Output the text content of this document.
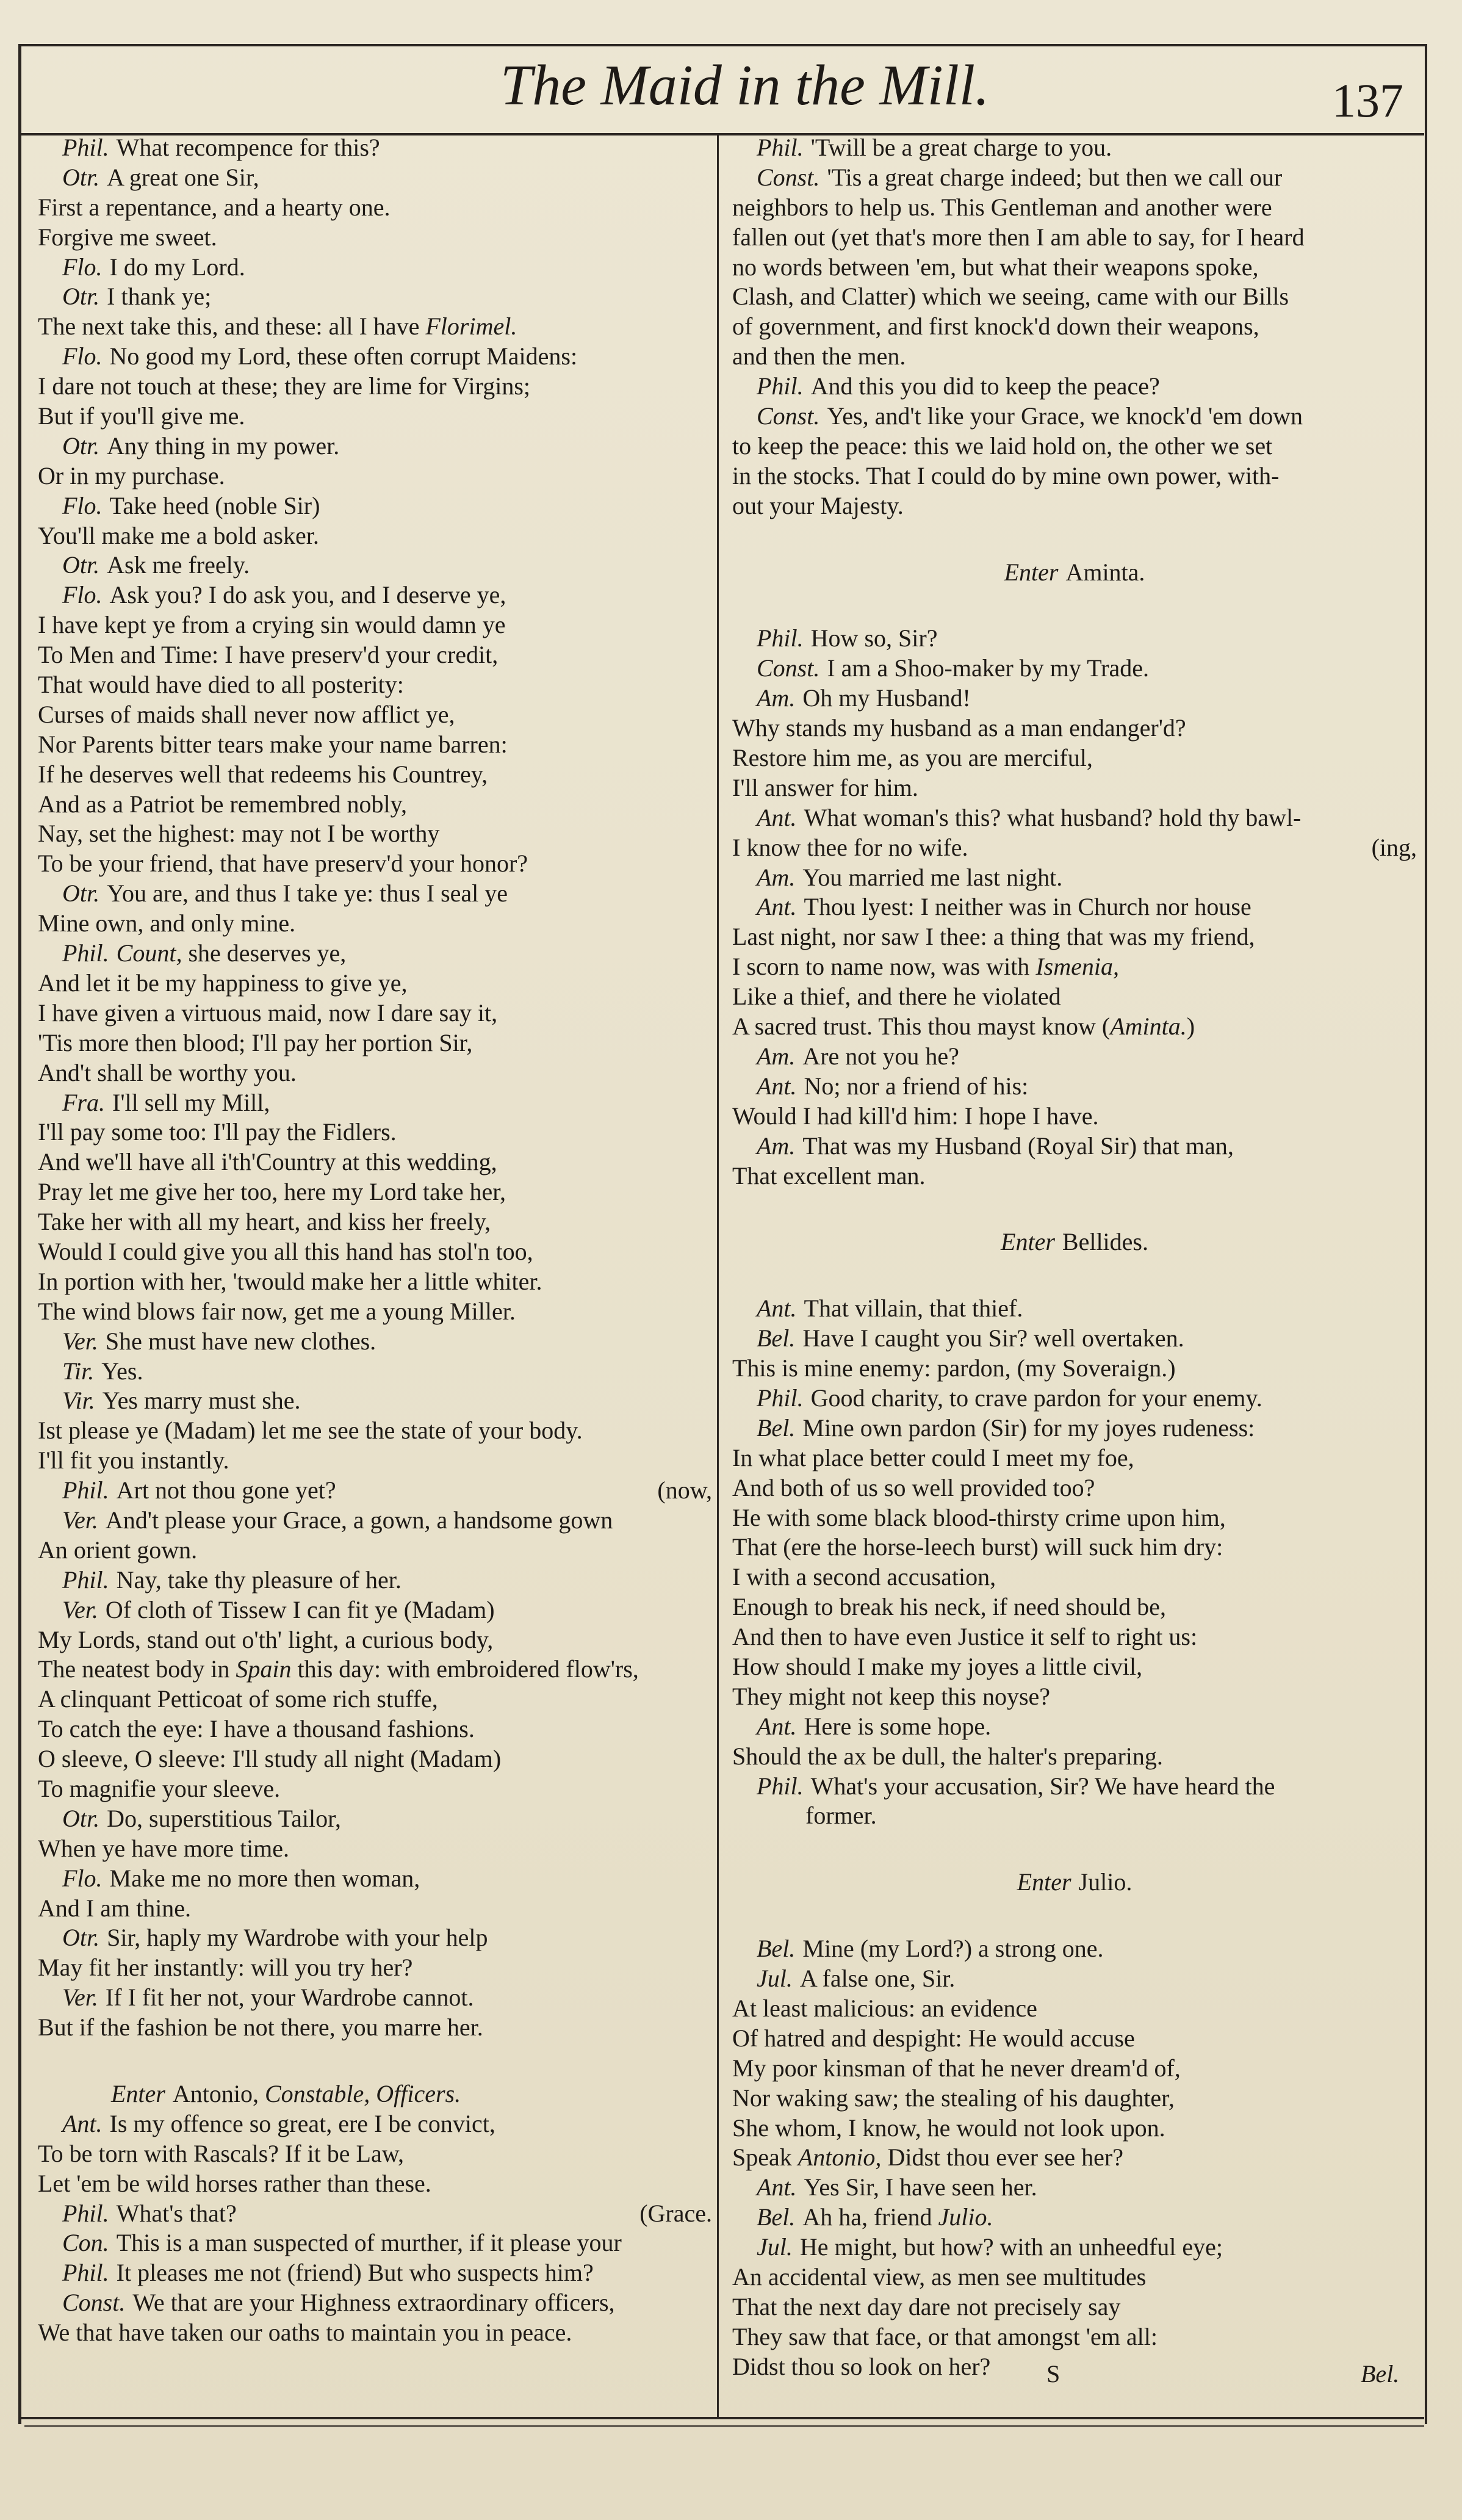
The Maid in the Mill.	137
Phil. What recompence for this?
Otr. A great one Sir,
First a repentance, and a hearty one.
Forgive me sweet.
Flo. I do my Lord.
Otr. I thank ye;
The next take this, and these: all I have Florimel.
Flo. No good my Lord, these often corrupt Maidens:
I dare not touch at these; they are lime for Virgins;
But if you'll give me.
Otr. Any thing in my power.
Or in my purchase.
Flo. Take heed (noble Sir)
You'll make me a bold asker.
Otr. Ask me freely.
Flo. Ask you? I do ask you, and I deserve ye,
I have kept ye from a crying sin would damn ye
To Men and Time: I have preserv'd your credit,
That would have died to all posterity:
Curses of maids shall never now afflict ye,
Nor Parents bitter tears make your name barren:
If he deserves well that redeems his Countrey,
And as a Patriot be remembred nobly,
Nay, set the highest: may not I be worthy
To be your friend, that have preserv'd your honor?
Otr. You are, and thus I take ye: thus I seal ye
Mine own, and only mine.
Phil. Count, she deserves ye,
And let it be my happiness to give ye,
I have given a virtuous maid, now I dare say it,
'Tis more then blood; I'll pay her portion Sir,
And't shall be worthy you.
Fra. I'll sell my Mill,
I'll pay some too: I'll pay the Fidlers.
And we'll have all i'th'Country at this wedding,
Pray let me give her too, here my Lord take her,
Take her with all my heart, and kiss her freely,
Would I could give you all this hand has stol'n too,
In portion with her, 'twould make her a little whiter.
The wind blows fair now, get me a young Miller.
Ver. She must have new clothes.
Tir. Yes.
Vir. Yes marry must she.
Ist please ye (Madam) let me see the state of your body.
I'll fit you instantly.
Phil. Art not thou gone yet?	(now,
Ver. And't please your Grace, a gown, a handsome gown
An orient gown.
Phil. Nay, take thy pleasure of her.
Ver. Of cloth of Tissew I can fit ye (Madam)
My Lords, stand out o'th' light, a curious body,
The neatest body in Spain this day: with embroidered flow'rs,
A clinquant Petticoat of some rich stuffe,
To catch the eye: I have a thousand fashions.
O sleeve, O sleeve: I'll study all night (Madam)
To magnifie your sleeve.
Otr. Do, superstitious Tailor,
When ye have more time.
Flo. Make me no more then woman,
And I am thine.
Otr. Sir, haply my Wardrobe with your help
May fit her instantly: will you try her?
Ver. If I fit her not, your Wardrobe cannot.
But if the fashion be not there, you marre her.
Enter Antonio, Constable, Officers.
Ant. Is my offence so great, ere I be convict,
To be torn with Rascals? If it be Law,
Let 'em be wild horses rather than these.
Phil. What's that?	(Grace.
Con. This is a man suspected of murther, if it please your
Phil. It pleases me not (friend) But who suspects him?
Const. We that are your Highness extraordinary officers,
We that have taken our oaths to maintain you in peace.
Phil. 'Twill be a great charge to you.
Const. 'Tis a great charge indeed; but then we call our
neighbors to help us. This Gentleman and another were
fallen out (yet that's more then I am able to say, for I heard
no words between 'em, but what their weapons spoke,
Clash, and Clatter) which we seeing, came with our Bills
of government, and first knock'd down their weapons,
and then the men.
Phil. And this you did to keep the peace?
Const. Yes, and't like your Grace, we knock'd 'em down
to keep the peace: this we laid hold on, the other we set
in the stocks. That I could do by mine own power, with-
out your Majesty.
Enter Aminta.
Phil. How so, Sir?
Const. I am a Shoo-maker by my Trade.
Am. Oh my Husband!
Why stands my husband as a man endanger'd?
Restore him me, as you are merciful,
I'll answer for him.
Ant. What woman's this? what husband? hold thy bawl-
I know thee for no wife.	(ing,
Am. You married me last night.
Ant. Thou lyest: I neither was in Church nor house
Last night, nor saw I thee: a thing that was my friend,
I scorn to name now, was with Ismenia,
Like a thief, and there he violated
A sacred trust. This thou mayst know (Aminta.)
Am. Are not you he?
Ant. No; nor a friend of his:
Would I had kill'd him: I hope I have.
Am. That was my Husband (Royal Sir) that man,
That excellent man.
Enter Bellides.
Ant. That villain, that thief.
Bel. Have I caught you Sir? well overtaken.
This is mine enemy: pardon, (my Soveraign.)
Phil. Good charity, to crave pardon for your enemy.
Bel. Mine own pardon (Sir) for my joyes rudeness:
In what place better could I meet my foe,
And both of us so well provided too?
He with some black blood-thirsty crime upon him,
That (ere the horse-leech burst) will suck him dry:
I with a second accusation,
Enough to break his neck, if need should be,
And then to have even Justice it self to right us:
How should I make my joyes a little civil,
They might not keep this noyse?
Ant. Here is some hope.
Should the ax be dull, the halter's preparing.
Phil. What's your accusation, Sir? We have heard the
former.
Enter Julio.
Bel. Mine (my Lord?) a strong one.
Jul. A false one, Sir.
At least malicious: an evidence
Of hatred and despight: He would accuse
My poor kinsman of that he never dream'd of,
Nor waking saw; the stealing of his daughter,
She whom, I know, he would not look upon.
Speak Antonio, Didst thou ever see her?
Ant. Yes Sir, I have seen her.
Bel. Ah ha, friend Julio.
Jul. He might, but how? with an unheedful eye;
An accidental view, as men see multitudes
That the next day dare not precisely say
They saw that face, or that amongst 'em all:
Didst thou so look on her?	S	Bel.
